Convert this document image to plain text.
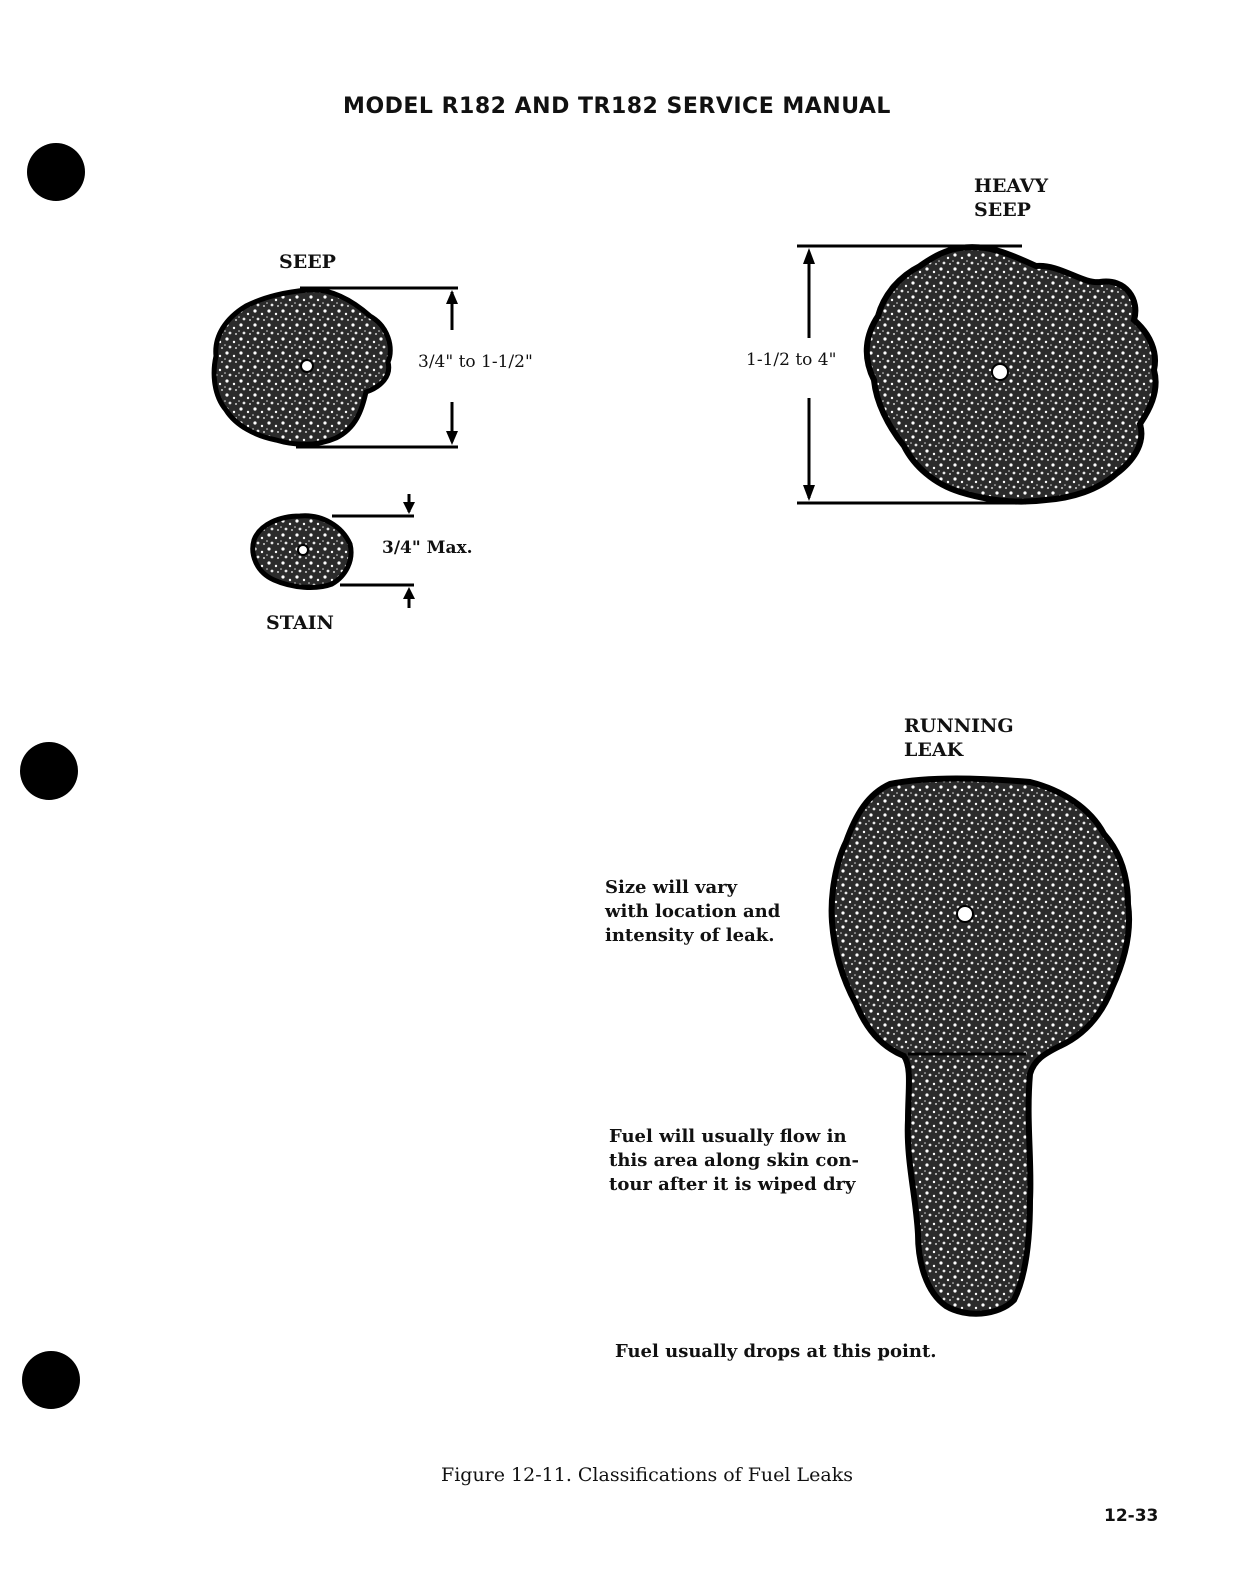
MODEL R182 AND TR182 SERVICE MANUAL
SEEP
3/4" to 1-1/2"
3/4" Max.
STAIN
HEAVY
SEEP
1-1/2 to 4"
RUNNING
LEAK
Size will vary
with location and
intensity of leak.
Fuel will usually flow in
this area along skin con-
tour after it is wiped dry
Fuel usually drops at this point.
Figure 12-11. Classifications of Fuel Leaks
12-33
